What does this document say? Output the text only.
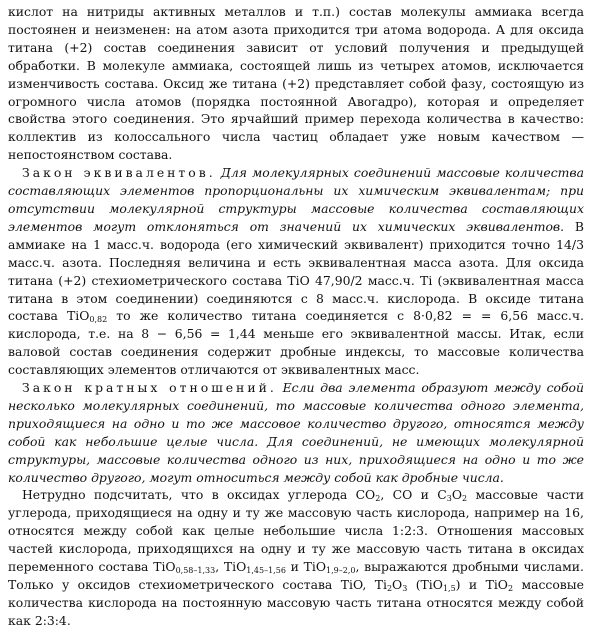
кислот на нитриды активных металлов и т.п.) состав молекулы аммиака всегда постоянен и неизменен: на атом азота приходится три атома водорода. А для оксида титана (+2) состав соединения зависит от условий получения и предыдущей обработки. В молекуле аммиака, состоящей лишь из четырех атомов, исключается изменчивость состава. Оксид же титана (+2) представляет собой фазу, состоящую из огромного числа атомов (порядка постоянной Авогадро), которая и определяет свойства этого соединения. Это ярчайший пример перехода количества в качество: коллектив из колоссального числа частиц обладает уже новым качеством — непостоянством состава.

Закон эквивалентов. Для молекулярных соединений массовые количества составляющих элементов пропорциональны их химическим эквивалентам; при отсутствии молекулярной структуры массовые количества составляющих элементов могут отклоняться от значений их химических эквивалентов. В аммиаке на 1 масс.ч. водорода (его химический эквивалент) приходится точно 14/3 масс.ч. азота. Последняя величина и есть эквивалентная масса азота. Для оксида титана (+2) стехиометрического состава TiO 47,90/2 масс.ч. Ti (эквивалентная масса титана в этом соединении) соединяются с 8 масс.ч. кислорода. В оксиде титана состава TiO$_{0,82}$ то же количество титана соединяется с 8·0,82 = = 6,56 масс.ч. кислорода, т.е. на 8 − 6,56 = 1,44 меньше его эквивалентной массы. Итак, если валовой состав соединения содержит дробные индексы, то массовые количества составляющих элементов отличаются от эквивалентных масс.

Закон кратных отношений. Если два элемента образуют между собой несколько молекулярных соединений, то массовые количества одного элемента, приходящиеся на одно и то же массовое количество другого, относятся между собой как небольшие целые числа. Для соединений, не имеющих молекулярной структуры, массовые количества одного из них, приходящиеся на одно и то же количество другого, могут относиться между собой как дробные числа.

Нетрудно подсчитать, что в оксидах углерода $CO_2$, CO и $C_3O_2$ массовые части углерода, приходящиеся на одну и ту же массовую часть кислорода, например на 16, относятся между собой как целые небольшие числа 1:2:3. Отношения массовых частей кислорода, приходящихся на одну и ту же массовую часть титана в оксидах переменного состава TiO$_{0,58-1,33}$, TiO$_{1,45-1,56}$ и TiO$_{1,9-2,0}$, выражаются дробными числами. Только у оксидов стехиометрического состава TiO, $Ti_2O_3$ (TiO$_{1,5}$) и TiO$_2$ массовые количества кислорода на постоянную массовую часть титана относятся между собой как 2:3:4.
